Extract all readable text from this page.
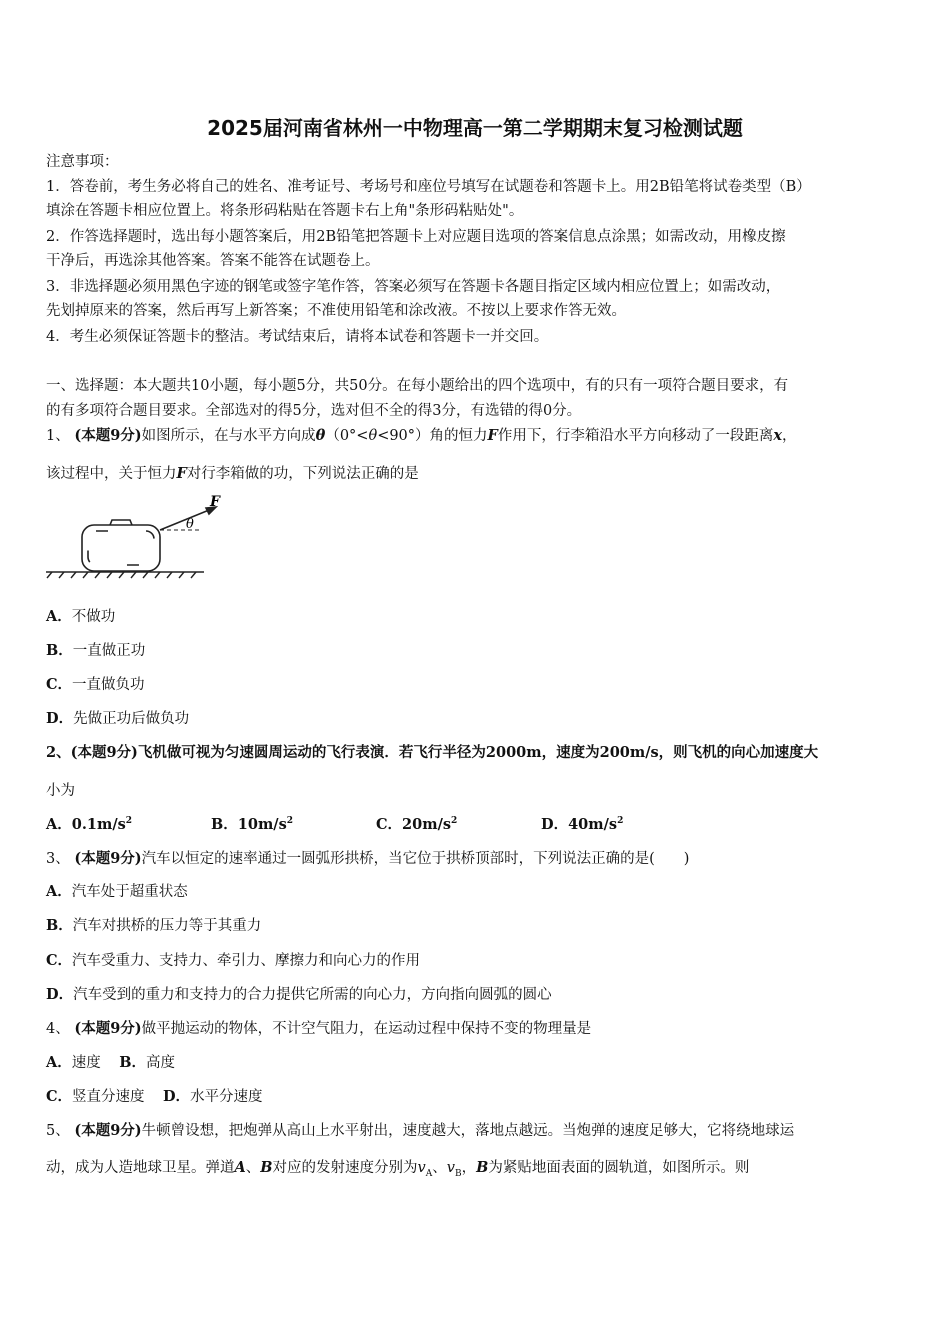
2025届河南省林州一中物理高一第二学期期末复习检测试题
注意事项：
1．答卷前，考生务必将自己的姓名、准考证号、考场号和座位号填写在试题卷和答题卡上。用2B铅笔将试卷类型（B）
填涂在答题卡相应位置上。将条形码粘贴在答题卡右上角"条形码粘贴处"。
2．作答选择题时，选出每小题答案后，用2B铅笔把答题卡上对应题目选项的答案信息点涂黑；如需改动，用橡皮擦
干净后，再选涂其他答案。答案不能答在试题卷上。
3．非选择题必须用黑色字迹的钢笔或签字笔作答，答案必须写在答题卡各题目指定区域内相应位置上；如需改动，
先划掉原来的答案，然后再写上新答案；不准使用铅笔和涂改液。不按以上要求作答无效。
4．考生必须保证答题卡的整洁。考试结束后，请将本试卷和答题卡一并交回。
一、选择题：本大题共10小题，每小题5分，共50分。在每小题给出的四个选项中，有的只有一项符合题目要求，有
的有多项符合题目要求。全部选对的得5分，选对但不全的得3分，有选错的得0分。
1、 (本题9分)如图所示，在与水平方向成θ（0°<θ<90°）角的恒力F作用下，行李箱沿水平方向移动了一段距离x，
该过程中，关于恒力F对行李箱做的功，下列说法正确的是
F
θ
A．不做功
B．一直做正功
C．一直做负功
D．先做正功后做负功
2、(本题9分)飞机做可视为匀速圆周运动的飞行表演．若飞行半径为2000m，速度为200m/s，则飞机的向心加速度大
小为
A．$0.1m/s^2$	B．$10m/s^2$	C．$20m/s^2$	D．$40m/s^2$
3、 (本题9分)汽车以恒定的速率通过一圆弧形拱桥，当它位于拱桥顶部时，下列说法正确的是(　　)
A．汽车处于超重状态
B．汽车对拱桥的压力等于其重力
C．汽车受重力、支持力、牵引力、摩擦力和向心力的作用
D．汽车受到的重力和支持力的合力提供它所需的向心力，方向指向圆弧的圆心
4、 (本题9分)做平抛运动的物体，不计空气阻力，在运动过程中保持不变的物理量是
A．速度 B．高度
C．竖直分速度 D．水平分速度
5、 (本题9分)牛顿曾设想，把炮弹从高山上水平射出，速度越大，落地点越远。当炮弹的速度足够大，它将绕地球运
动，成为人造地球卫星。弹道A、B对应的发射速度分别为$v_A$、$v_B$，B为紧贴地面表面的圆轨道，如图所示。则
